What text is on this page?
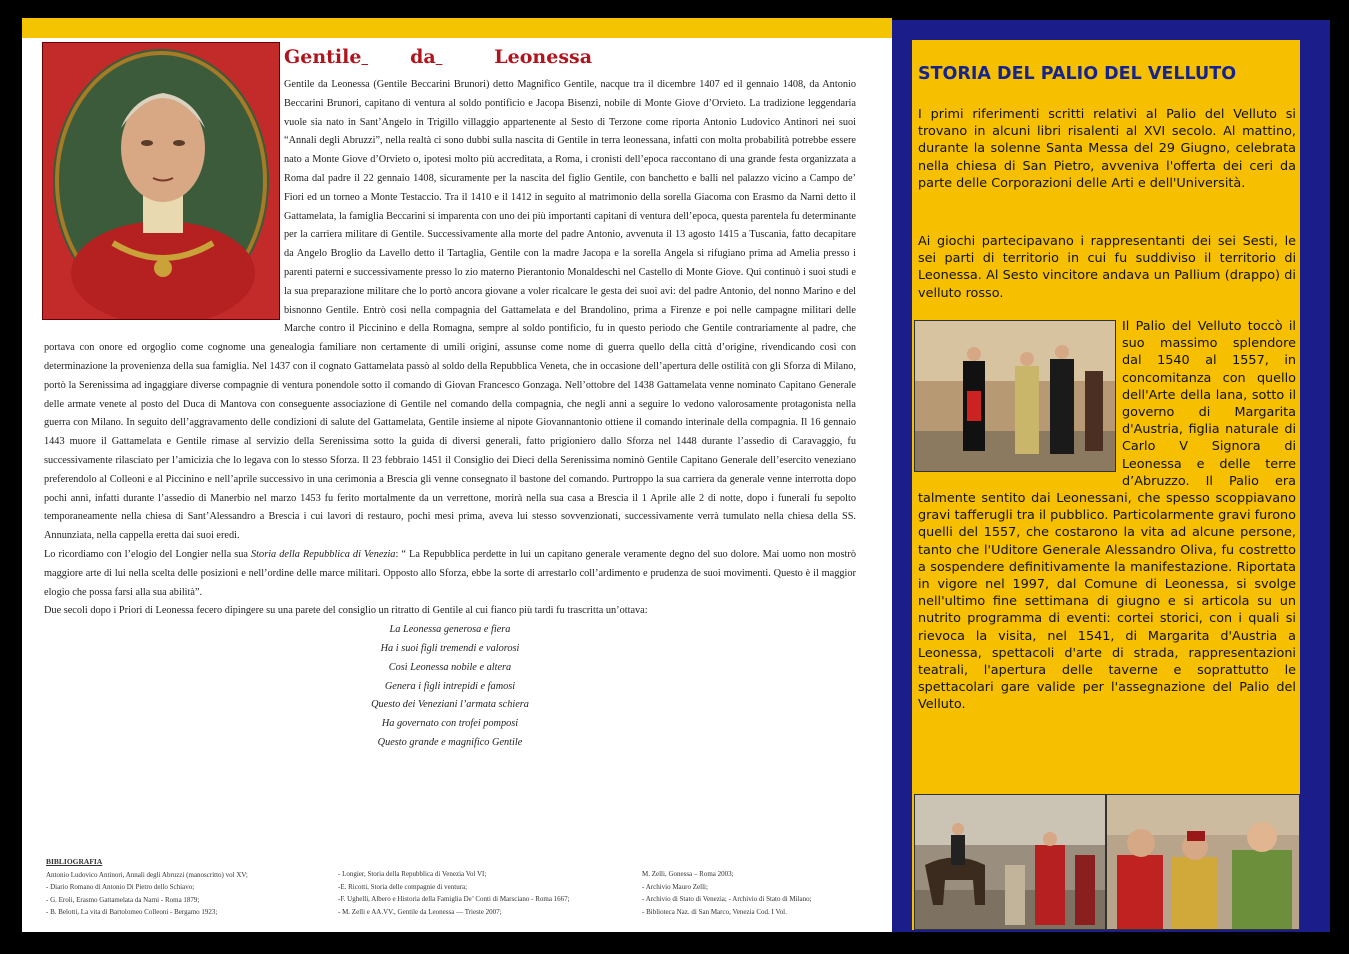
Gentile	da	Leonessa

Gentile da Leonessa (Gentile Beccarini Brunori) detto Magnifico Gentile, nacque tra il dicembre 1407 ed il gennaio 1408, da Antonio Beccarini Brunori, capitano di ventura al soldo pontificio e Jacopa Bisenzi, nobile di Monte Giove d’Orvieto. La tradizione leggendaria vuole sia nato in Sant’Angelo in Trigillo villaggio appartenente al Sesto di Terzone come riporta Antonio Ludovico Antinori nei suoi “Annali degli Abruzzi”, nella realtà ci sono dubbi sulla nascita di Gentile in terra leonessana, infatti con molta probabilità potrebbe essere nato a Monte Giove d’Orvieto o, ipotesi molto più accreditata, a Roma, i cronisti dell’epoca raccontano di una grande festa organizzata a Roma dal padre il 22 gennaio 1408, sicuramente per la nascita del figlio Gentile, con banchetto e balli nel palazzo vicino a Campo de’ Fiori ed un torneo a Monte Testaccio. Tra il 1410 e il 1412 in seguito al matrimonio della sorella Giacoma con Erasmo da Narni detto il Gattamelata, la famiglia Beccarini si imparenta con uno dei più importanti capitani di ventura dell’epoca, questa parentela fu determinante per la carriera militare di Gentile. Successivamente alla morte del padre Antonio, avvenuta il 13 agosto 1415 a Tuscania, fatto decapitare da Angelo Broglio da Lavello detto il Tartaglia, Gentile con la madre Jacopa e la sorella Angela si rifugiano prima ad Amelia presso i parenti paterni e successivamente presso lo zio materno Pierantonio Monaldeschi nel Castello di Monte Giove. Qui continuò i suoi studi e la sua preparazione militare che lo portò ancora giovane a voler ricalcare le gesta dei suoi avi: del padre Antonio, del nonno Marino e del bisnonno Gentile. Entrò così nella compagnia del Gattamelata e del Brandolino, prima a Firenze e poi nelle campagne militari delle Marche contro il Piccinino e della Romagna, sempre al soldo pontificio, fu in questo periodo che Gentile contrariamente al padre, che portava con onore ed orgoglio come cognome una genealogia familiare non certamente di umili origini, assunse come nome di guerra quello della città d’origine, rivendicando così con determinazione la provenienza della sua famiglia. Nel 1437 con il cognato Gattamelata passò al soldo della Repubblica Veneta, che in occasione dell’apertura delle ostilità con gli Sforza di Milano, portò la Serenissima ad ingaggiare diverse compagnie di ventura ponendole sotto il comando di Giovan Francesco Gonzaga. Nell’ottobre del 1438 Gattamelata venne nominato Capitano Generale delle armate venete al posto del Duca di Mantova con conseguente associazione di Gentile nel comando della compagnia, che negli anni a seguire lo vedono valorosamente protagonista nella guerra con Milano. In seguito dell’aggravamento delle condizioni di salute del Gattamelata, Gentile insieme al nipote Giovannantonio ottiene il comando interinale della compagnia. Il 16 gennaio 1443 muore il Gattamelata e Gentile rimase al servizio della Serenissima sotto la guida di diversi generali, fatto prigioniero dallo Sforza nel 1448 durante l’assedio di Caravaggio, fu successivamente rilasciato per l’amicizia che lo legava con lo stesso Sforza. Il 23 febbraio 1451 il Consiglio dei Dieci della Serenissima nominò Gentile Capitano Generale dell’esercito veneziano preferendolo al Colleoni e al Piccinino e nell’aprile successivo in una cerimonia a Brescia gli venne consegnato il bastone del comando. Purtroppo la sua carriera da generale venne interrotta dopo pochi anni, infatti durante l’assedio di Manerbio nel marzo 1453 fu ferito mortalmente da un verrettone, morirà nella sua casa a Brescia il 1 Aprile alle 2 di notte, dopo i funerali fu sepolto temporaneamente nella chiesa di Sant’Alessandro a Brescia i cui lavori di restauro, pochi mesi prima, aveva lui stesso sovvenzionati, successivamente verrà tumulato nella chiesa della SS. Annunziata, nella cappella eretta dai suoi eredi.

Lo ricordiamo con l’elogio del Longier nella sua Storia della Repubblica di Venezia: “ La Repubblica perdette in lui un capitano generale veramente degno del suo dolore. Mai uomo non mostrò maggiore arte di lui nella scelta delle posizioni e nell’ordine delle marce militari. Opposto allo Sforza, ebbe la sorte di arrestarlo coll’ardimento e prudenza de suoi movimenti. Questo è il maggior elogio che possa farsi alla sua abilità”.

Due secoli dopo i Priori di Leonessa fecero dipingere su una parete del consiglio un ritratto di Gentile al cui fianco più tardi fu trascritta un’ottava:

La Leonessa generosa e fiera

Ha i suoi figli tremendi e valorosi

Così Leonessa nobile e altera

Genera i figli intrepidi e famosi

Questo dei Veneziani l’armata schiera

Ha governato con trofei pomposi

Questo grande e magnifico Gentile

BIBLIOGRAFIA
Antonio Ludovico Antinori, Annali degli Abruzzi (manoscritto) vol XV;
- Diario Romano di Antonio Di Pietro dello Schiavo;
- G. Eroli, Erasmo Gattamelata da Narni - Roma 1879;
- B. Belotti, La vita di Bartolomeo Colleoni - Bergamo 1923;
- Longier, Storia della Repubblica di Venezia Vol VI;
-E. Ricotti, Storia delle compagnie di ventura;
-F. Ughelli, Albero e Historia della Famiglia De’ Conti di Marsciano - Roma 1667;
- M. Zelli e AA.VV., Gentile da Leonessa — Trieste 2007;
M. Zelli, Gonessa – Roma 2003;
- Archivio Mauro Zelli;
- Archivio di Stato di Venezia; - Archivio di Stato di Milano;
- Biblioteca Naz. di San Marco, Venezia Cod. I Vol.
STORIA DEL PALIO DEL VELLUTO
I primi riferimenti scritti relativi al Palio del Velluto si trovano in alcuni libri risalenti al XVI secolo. Al mattino, durante la solenne Santa Messa del 29 Giugno, celebrata nella chiesa di San Pietro, avveniva l'offerta dei ceri da parte delle Corporazioni delle Arti e dell'Università.
Ai giochi partecipavano i rappresentanti dei sei Sesti, le sei parti di territorio in cui fu suddiviso il territorio di Leonessa. Al Sesto vincitore andava un Pallium (drappo) di velluto rosso.
Il Palio del Velluto toccò il suo massimo splendore dal 1540 al 1557, in concomitanza con quello dell'Arte della lana, sotto il governo di Margarita d'Austria, figlia naturale di Carlo V Signora di Leonessa e delle terre d’Abruzzo. Il Palio era talmente sentito dai Leonessani, che spesso scoppiavano gravi tafferugli tra il pubblico. Particolarmente gravi furono quelli del 1557, che costarono la vita ad alcune persone, tanto che l'Uditore Generale Alessandro Oliva, fu costretto a sospendere definitivamente la manifestazione. Riportata in vigore nel 1997, dal Comune di Leonessa, si svolge nell'ultimo fine settimana di giugno e si articola su un nutrito programma di eventi: cortei storici, con i quali si rievoca la visita, nel 1541, di Margarita d'Austria a Leonessa, spettacoli d'arte di strada, rappresentazioni teatrali, l'apertura delle taverne e soprattutto le spettacolari gare valide per l'assegnazione del Palio del Velluto.
